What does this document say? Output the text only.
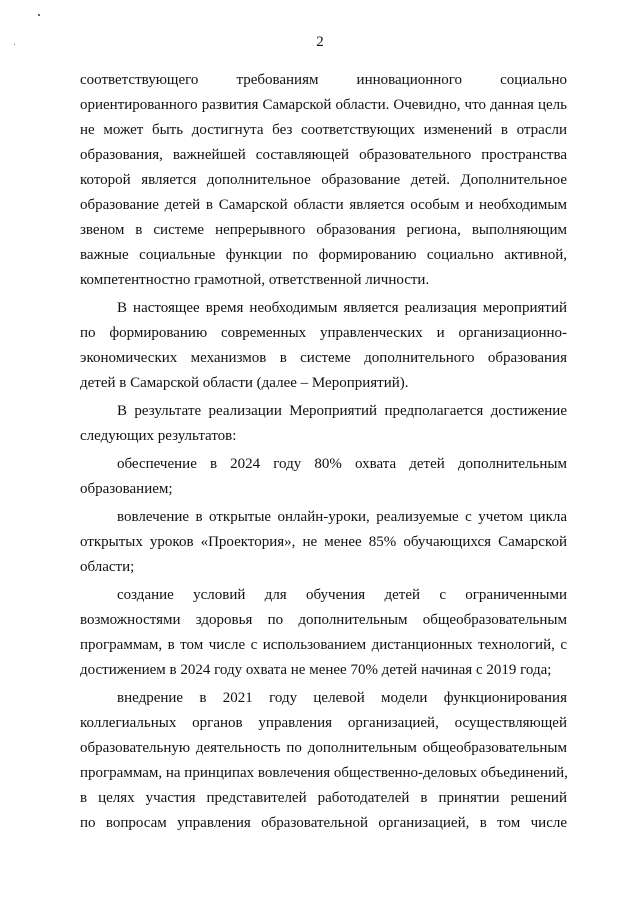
2
соответствующего требованиям инновационного социально
ориентированного развития Самарской области. Очевидно, что данная цель
не может быть достигнута без соответствующих изменений в отрасли
образования, важнейшей составляющей образовательного пространства
которой является дополнительное образование детей. Дополнительное
образование детей в Самарской области является особым и необходимым
звеном в системе непрерывного образования региона, выполняющим
важные социальные функции по формированию социально активной,
компетентностно грамотной, ответственной личности.
В настоящее время необходимым является реализация мероприятий
по формированию современных управленческих и организационно-
экономических механизмов в системе дополнительного образования
детей в Самарской области (далее – Мероприятий).
В результате реализации Мероприятий предполагается достижение
следующих результатов:
обеспечение в 2024 году 80% охвата детей дополнительным
образованием;
вовлечение в открытые онлайн-уроки, реализуемые с учетом цикла
открытых уроков «Проектория», не менее 85% обучающихся Самарской
области;
создание условий для обучения детей с ограниченными
возможностями здоровья по дополнительным общеобразовательным
программам, в том числе с использованием дистанционных технологий, с
достижением в 2024 году охвата не менее 70% детей начиная с 2019 года;
внедрение в 2021 году целевой модели функционирования
коллегиальных органов управления организацией, осуществляющей
образовательную деятельность по дополнительным общеобразовательным
программам, на принципах вовлечения общественно-деловых объединений,
в целях участия представителей работодателей в принятии решений
по вопросам управления образовательной организацией, в том числе
